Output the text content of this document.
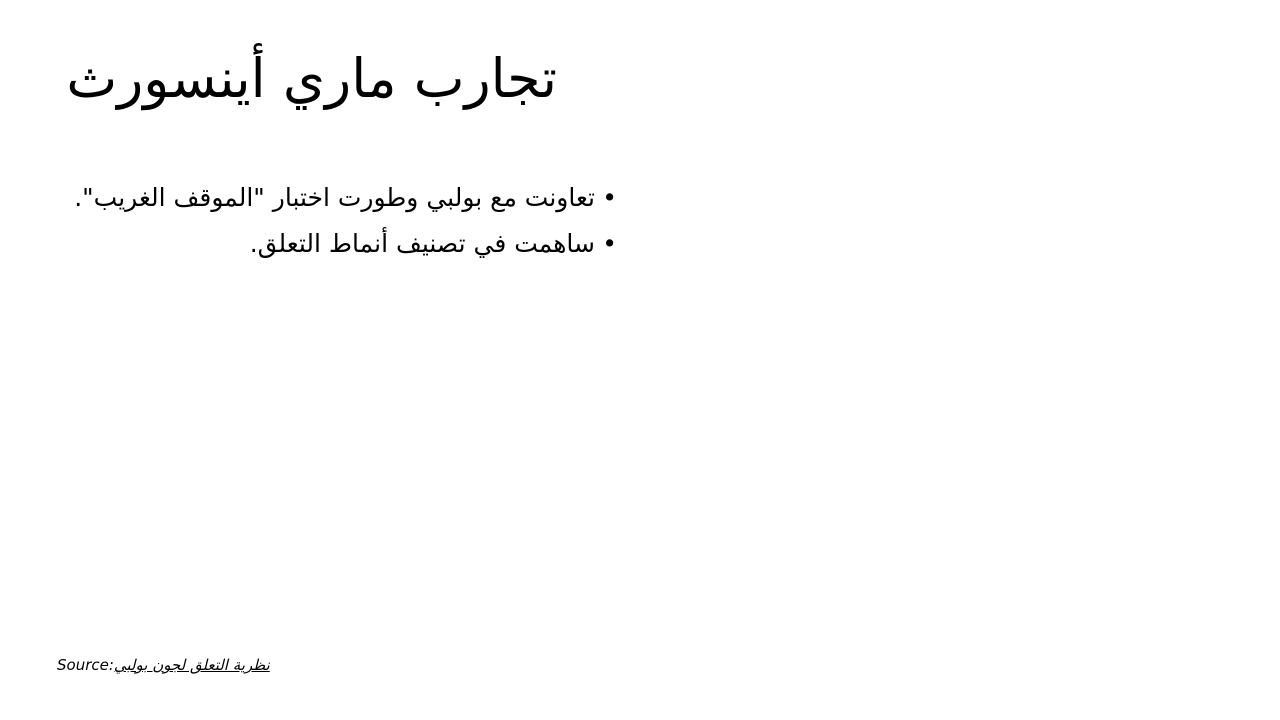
تجارب ماري أينسورث

• تعاونت مع بولبي وطورت اختبار "الموقف الغريب".

• ساهمت في تصنيف أنماط التعلق.

Source:نظرية التعلق لجون بولبي
